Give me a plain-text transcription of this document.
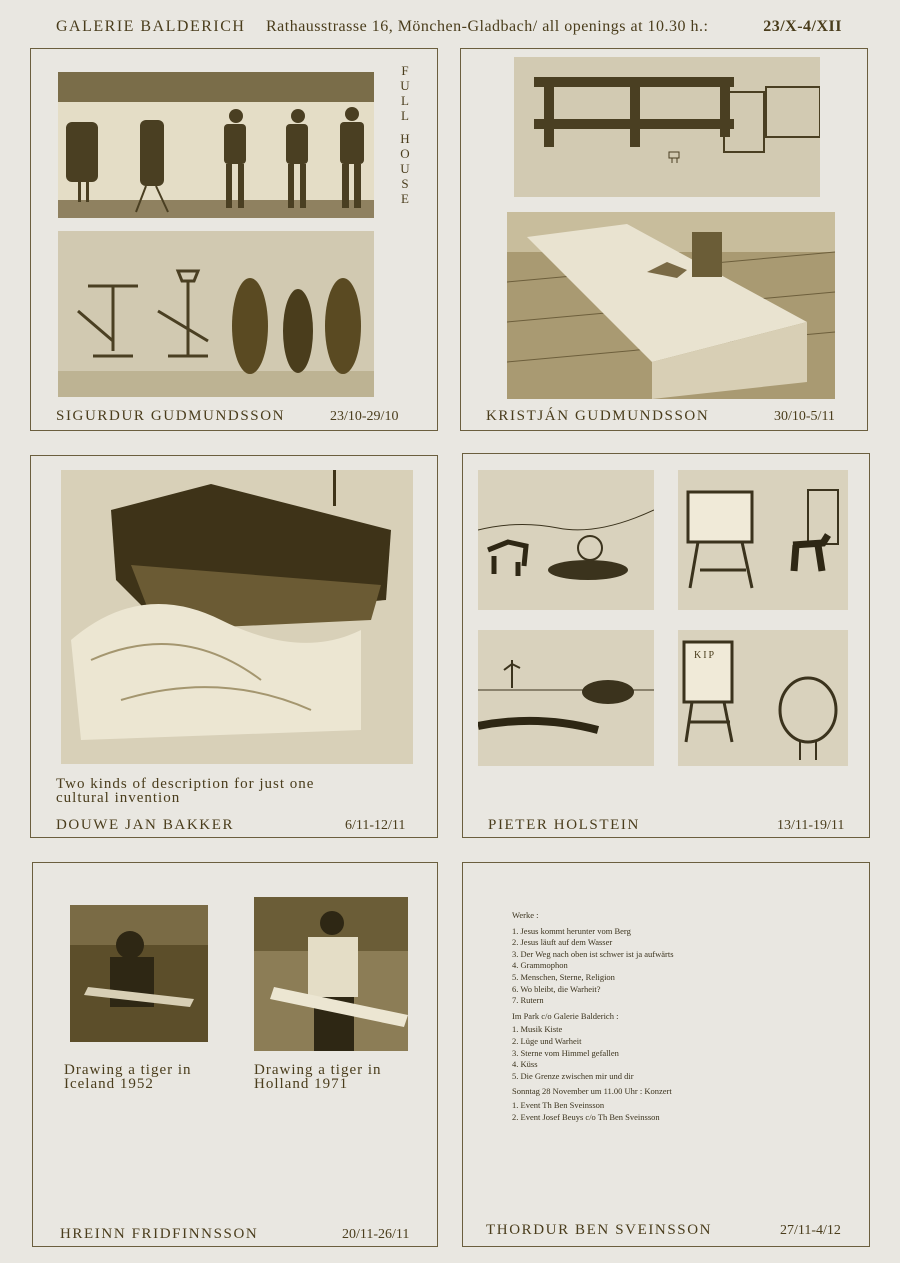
GALERIE BALDERICH Rathausstrasse 16, Mönchen-Gladbach/ all openings at 10.30 h.:	23/X-4/XII
F
U
L
L
H
O
U
S
E
SIGURDUR GUDMUNDSSON	23/10-29/10	KRISTJÁN GUDMUNDSSON	30/10-5/11
Two kinds of description for just one
cultural invention
DOUWE JAN BAKKER	6/11-12/11
KIP
PIETER HOLSTEIN	13/11-19/11
Drawing a tiger in
Iceland 1952
Drawing a tiger in
Holland 1971
HREINN FRIDFINNSSON	20/11-26/11
Werke :
1. Jesus kommt herunter vom Berg
2. Jesus läuft auf dem Wasser
3. Der Weg nach oben ist schwer ist ja aufwärts
4. Grammophon
5. Menschen, Sterne, Religion
6. Wo bleibt, die Warheit?
7. Rutern
Im Park c/o Galerie Balderich :
1. Musik Kiste
2. Lüge und Warheit
3. Sterne vom Himmel gefallen
4. Küss
5. Die Grenze zwischen mir und dir
Sonntag 28 November um 11.00 Uhr : Konzert
1. Event Th Ben Sveinsson
2. Event Josef Beuys c/o Th Ben Sveinsson
THORDUR BEN SVEINSSON	27/11-4/12
